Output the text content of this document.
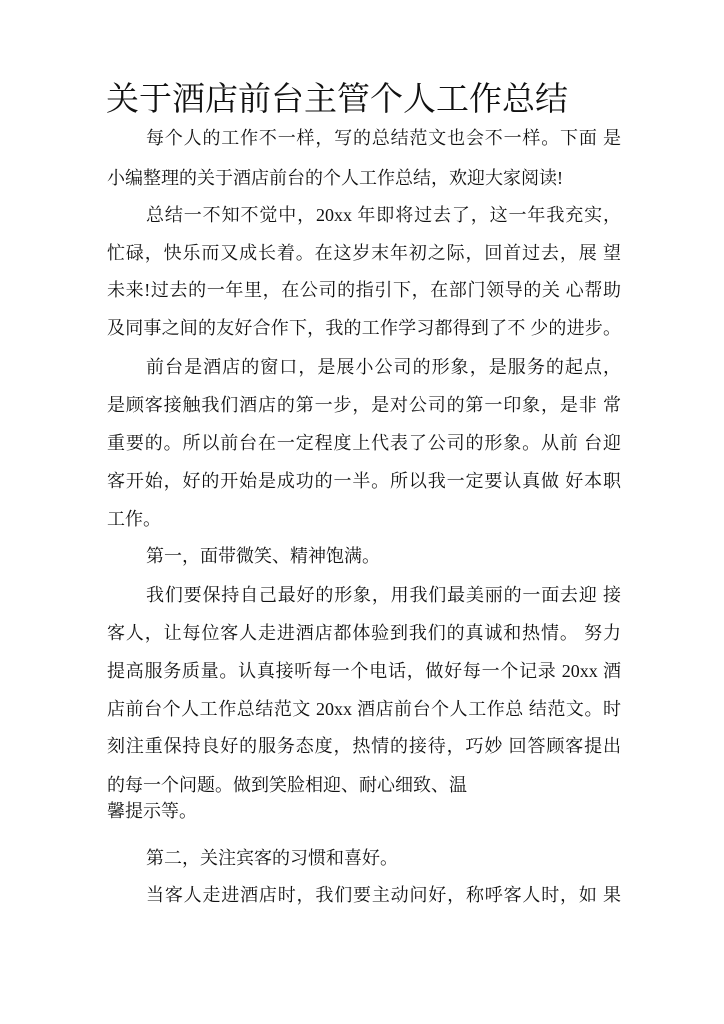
关于酒店前台主管个人工作总结
每个人的工作不一样，写的总结范文也会不一样。下面 是
小编整理的关于酒店前台的个人工作总结，欢迎大家阅读!
总结一不知不觉中，20xx 年即将过去了，这一年我充实，
忙碌，快乐而又成长着。在这岁末年初之际，回首过去，展 望
未来!过去的一年里，在公司的指引下，在部门领导的关 心帮助
及同事之间的友好合作下，我的工作学习都得到了不 少的进步。
前台是酒店的窗口，是展小公司的形象，是服务的起点，
是顾客接触我们酒店的第一步，是对公司的第一印象，是非 常
重要的。所以前台在一定程度上代表了公司的形象。从前 台迎
客开始，好的开始是成功的一半。所以我一定要认真做 好本职
工作。
第一，面带微笑、精神饱满。
我们要保持自己最好的形象，用我们最美丽的一面去迎 接
客人，让每位客人走进酒店都体验到我们的真诚和热情。 努力
提高服务质量。认真接听每一个电话，做好每一个记录 20xx 酒
店前台个人工作总结范文 20xx 酒店前台个人工作总 结范文。时
刻注重保持良好的服务态度，热情的接待，巧妙 回答顾客提出
的每一个问题。做到笑脸相迎、耐心细致、温
馨提示等。
第二，关注宾客的习惯和喜好。
当客人走进酒店时，我们要主动问好，称呼客人时，如 果
